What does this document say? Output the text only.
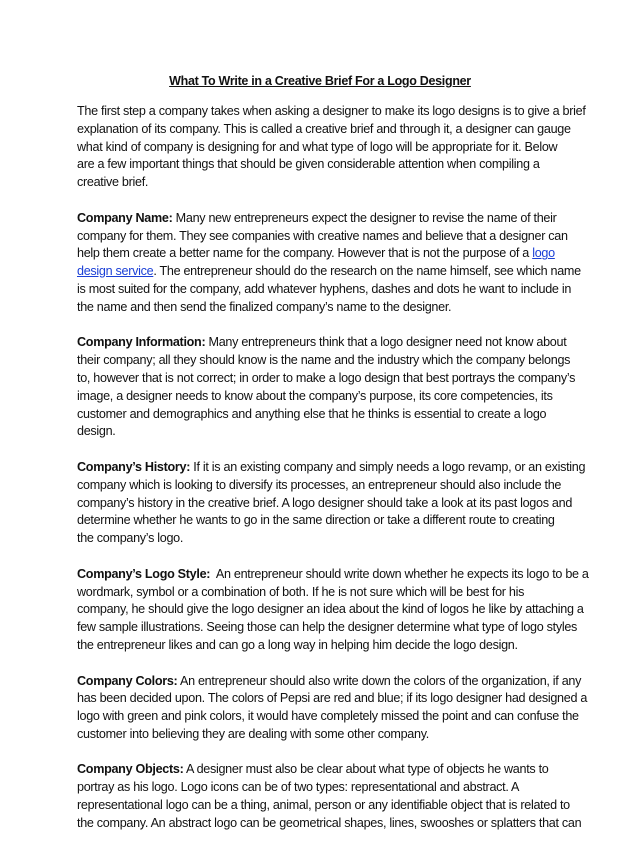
What To Write in a Creative Brief For a Logo Designer

The first step a company takes when asking a designer to make its logo designs is to give a brief
explanation of its company. This is called a creative brief and through it, a designer can gauge
what kind of company is designing for and what type of logo will be appropriate for it. Below
are a few important things that should be given considerable attention when compiling a
creative brief.

Company Name: Many new entrepreneurs expect the designer to revise the name of their
company for them. They see companies with creative names and believe that a designer can
help them create a better name for the company. However that is not the purpose of a logo
design service. The entrepreneur should do the research on the name himself, see which name
is most suited for the company, add whatever hyphens, dashes and dots he want to include in
the name and then send the finalized company’s name to the designer.

Company Information: Many entrepreneurs think that a logo designer need not know about
their company; all they should know is the name and the industry which the company belongs
to, however that is not correct; in order to make a logo design that best portrays the company’s
image, a designer needs to know about the company’s purpose, its core competencies, its
customer and demographics and anything else that he thinks is essential to create a logo
design.

Company’s History: If it is an existing company and simply needs a logo revamp, or an existing
company which is looking to diversify its processes, an entrepreneur should also include the
company’s history in the creative brief. A logo designer should take a look at its past logos and
determine whether he wants to go in the same direction or take a different route to creating
the company’s logo.

Company’s Logo Style:  An entrepreneur should write down whether he expects its logo to be a
wordmark, symbol or a combination of both. If he is not sure which will be best for his
company, he should give the logo designer an idea about the kind of logos he like by attaching a
few sample illustrations. Seeing those can help the designer determine what type of logo styles
the entrepreneur likes and can go a long way in helping him decide the logo design.

Company Colors: An entrepreneur should also write down the colors of the organization, if any
has been decided upon. The colors of Pepsi are red and blue; if its logo designer had designed a
logo with green and pink colors, it would have completely missed the point and can confuse the
customer into believing they are dealing with some other company.

Company Objects: A designer must also be clear about what type of objects he wants to
portray as his logo. Logo icons can be of two types: representational and abstract. A
representational logo can be a thing, animal, person or any identifiable object that is related to
the company. An abstract logo can be geometrical shapes, lines, swooshes or splatters that can
